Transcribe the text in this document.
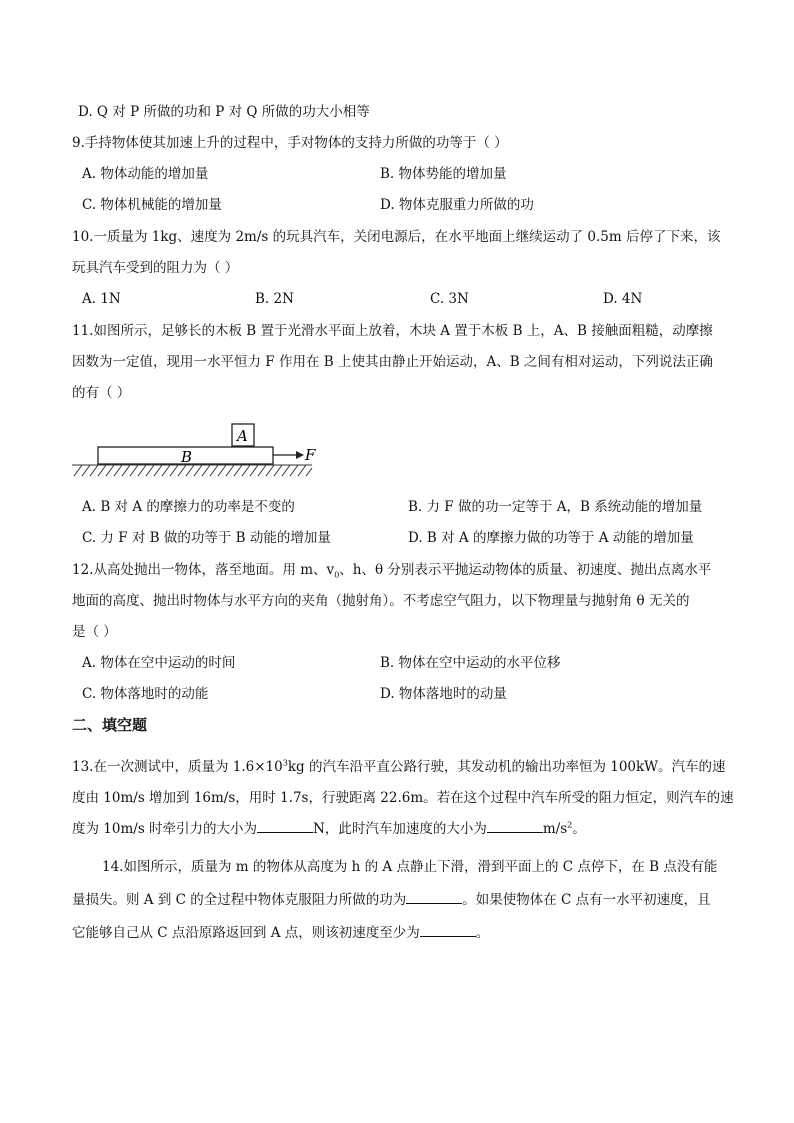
D. Q 对 P 所做的功和 P 对 Q 所做的功大小相等
9.手持物体使其加速上升的过程中，手对物体的支持力所做的功等于（ ）
A. 物体动能的增加量	B. 物体势能的增加量
C. 物体机械能的增加量	D. 物体克服重力所做的功
10.一质量为 1kg、速度为 2m/s 的玩具汽车，关闭电源后，在水平地面上继续运动了 0.5m 后停了下来，该
玩具汽车受到的阻力为（ ）
A. 1N	B. 2N	C. 3N	D. 4N
11.如图所示，足够长的木板 B 置于光滑水平面上放着，木块 A 置于木板 B 上，A、B 接触面粗糙，动摩擦
因数为一定值，现用一水平恒力 F 作用在 B 上使其由静止开始运动，A、B 之间有相对运动，下列说法正确
的有（ ）
A
B	F
A. B 对 A 的摩擦力的功率是不变的	B. 力 F 做的功一定等于 A，B 系统动能的增加量
C. 力 F 对 B 做的功等于 B 动能的增加量	D. B 对 A 的摩擦力做的功等于 A 动能的增加量
12.从高处抛出一物体，落至地面。用 m、$v_0$、h、θ 分别表示平抛运动物体的质量、初速度、抛出点离水平
地面的高度、抛出时物体与水平方向的夹角（抛射角）。不考虑空气阻力，以下物理量与抛射角 θ 无关的
是（ ）
A. 物体在空中运动的时间	B. 物体在空中运动的水平位移
C. 物体落地时的动能	D. 物体落地时的动量
二、填空题
13.在一次测试中，质量为 $1.6\times 10^3kg$ 的汽车沿平直公路行驶，其发动机的输出功率恒为 100kW。汽车的速
度由 10m/s 增加到 16m/s，用时 1.7s，行驶距离 22.6m。若在这个过程中汽车所受的阻力恒定，则汽车的速
度为 10m/s 时牵引力的大小为	N，此时汽车加速度的大小为	$m/s^2$。
14.如图所示，质量为 m 的物体从高度为 h 的 A 点静止下滑，滑到平面上的 C 点停下，在 B 点没有能
量损失。则 A 到 C 的全过程中物体克服阻力所做的功为	。如果使物体在 C 点有一水平初速度，且
它能够自己从 C 点沿原路返回到 A 点，则该初速度至少为	。
